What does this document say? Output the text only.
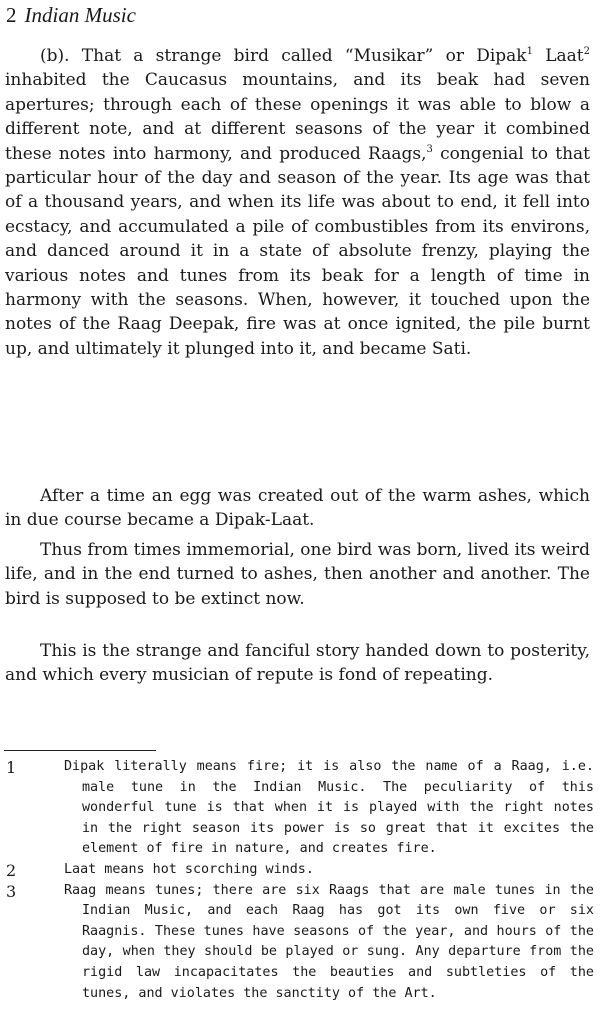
2 Indian Music

(b). That a strange bird called “Musikar” or Dipak$^1$ Laat$^2$ inhabited the Caucasus mountains, and its beak had seven apertures; through each of these openings it was able to blow a different note, and at different seasons of the year it combined these notes into harmony, and produced Raags,$^3$ congenial to that particular hour of the day and season of the year. Its age was that of a thousand years, and when its life was about to end, it fell into ecstacy, and accumulated a pile of combustibles from its environs, and danced around it in a state of absolute frenzy, playing the various notes and tunes from its beak for a length of time in harmony with the seasons. When, however, it touched upon the notes of the Raag Deepak, fire was at once ignited, the pile burnt up, and ultimately it plunged into it, and became Sati.

After a time an egg was created out of the warm ashes, which in due course became a Dipak-Laat.

Thus from times immemorial, one bird was born, lived its weird life, and in the end turned to ashes, then another and another. The bird is supposed to be extinct now.

This is the strange and fanciful story handed down to posterity, and which every musician of repute is fond of repeating.

1	Dipak literally means fire; it is also the name of a Raag, i.e. male tune in the Indian Music. The peculiarity of this wonderful tune is that when it is played with the right notes in the right season its power is so great that it excites the element of fire in nature, and creates fire.
2	Laat means hot scorching winds.
3	Raag means tunes; there are six Raags that are male tunes in the Indian Music, and each Raag has got its own five or six Raagnis. These tunes have seasons of the year, and hours of the day, when they should be played or sung. Any departure from the rigid law incapacitates the beauties and subtleties of the tunes, and violates the sanctity of the Art.
